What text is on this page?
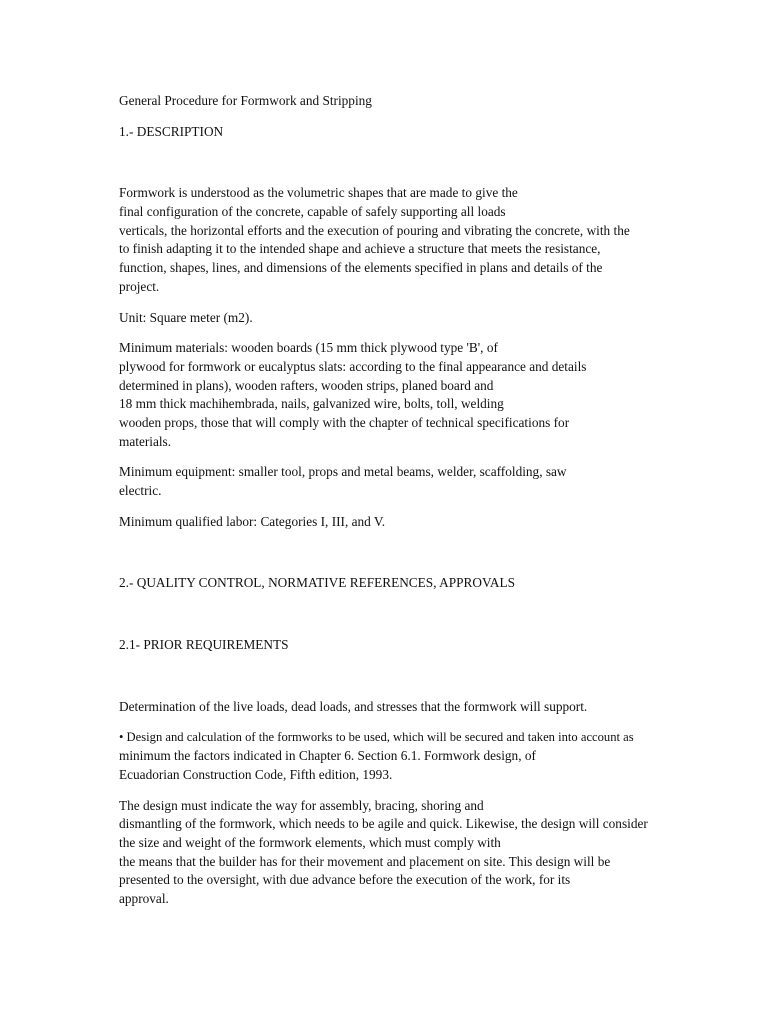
General Procedure for Formwork and Stripping
1.- DESCRIPTION
Formwork is understood as the volumetric shapes that are made to give the
final configuration of the concrete, capable of safely supporting all loads
verticals, the horizontal efforts and the execution of pouring and vibrating the concrete, with the
to finish adapting it to the intended shape and achieve a structure that meets the resistance,
function, shapes, lines, and dimensions of the elements specified in plans and details of the
project.
Unit: Square meter (m2).
Minimum materials: wooden boards (15 mm thick plywood type 'B', of
plywood for formwork or eucalyptus slats: according to the final appearance and details
determined in plans), wooden rafters, wooden strips, planed board and
18 mm thick machihembrada, nails, galvanized wire, bolts, toll, welding
wooden props, those that will comply with the chapter of technical specifications for
materials.
Minimum equipment: smaller tool, props and metal beams, welder, scaffolding, saw
electric.
Minimum qualified labor: Categories I, III, and V.
2.- QUALITY CONTROL, NORMATIVE REFERENCES, APPROVALS
2.1- PRIOR REQUIREMENTS
Determination of the live loads, dead loads, and stresses that the formwork will support.
• Design and calculation of the formworks to be used, which will be secured and taken into account as
minimum the factors indicated in Chapter 6. Section 6.1. Formwork design, of
Ecuadorian Construction Code, Fifth edition, 1993.
The design must indicate the way for assembly, bracing, shoring and
dismantling of the formwork, which needs to be agile and quick. Likewise, the design will consider
the size and weight of the formwork elements, which must comply with
the means that the builder has for their movement and placement on site. This design will be
presented to the oversight, with due advance before the execution of the work, for its
approval.
